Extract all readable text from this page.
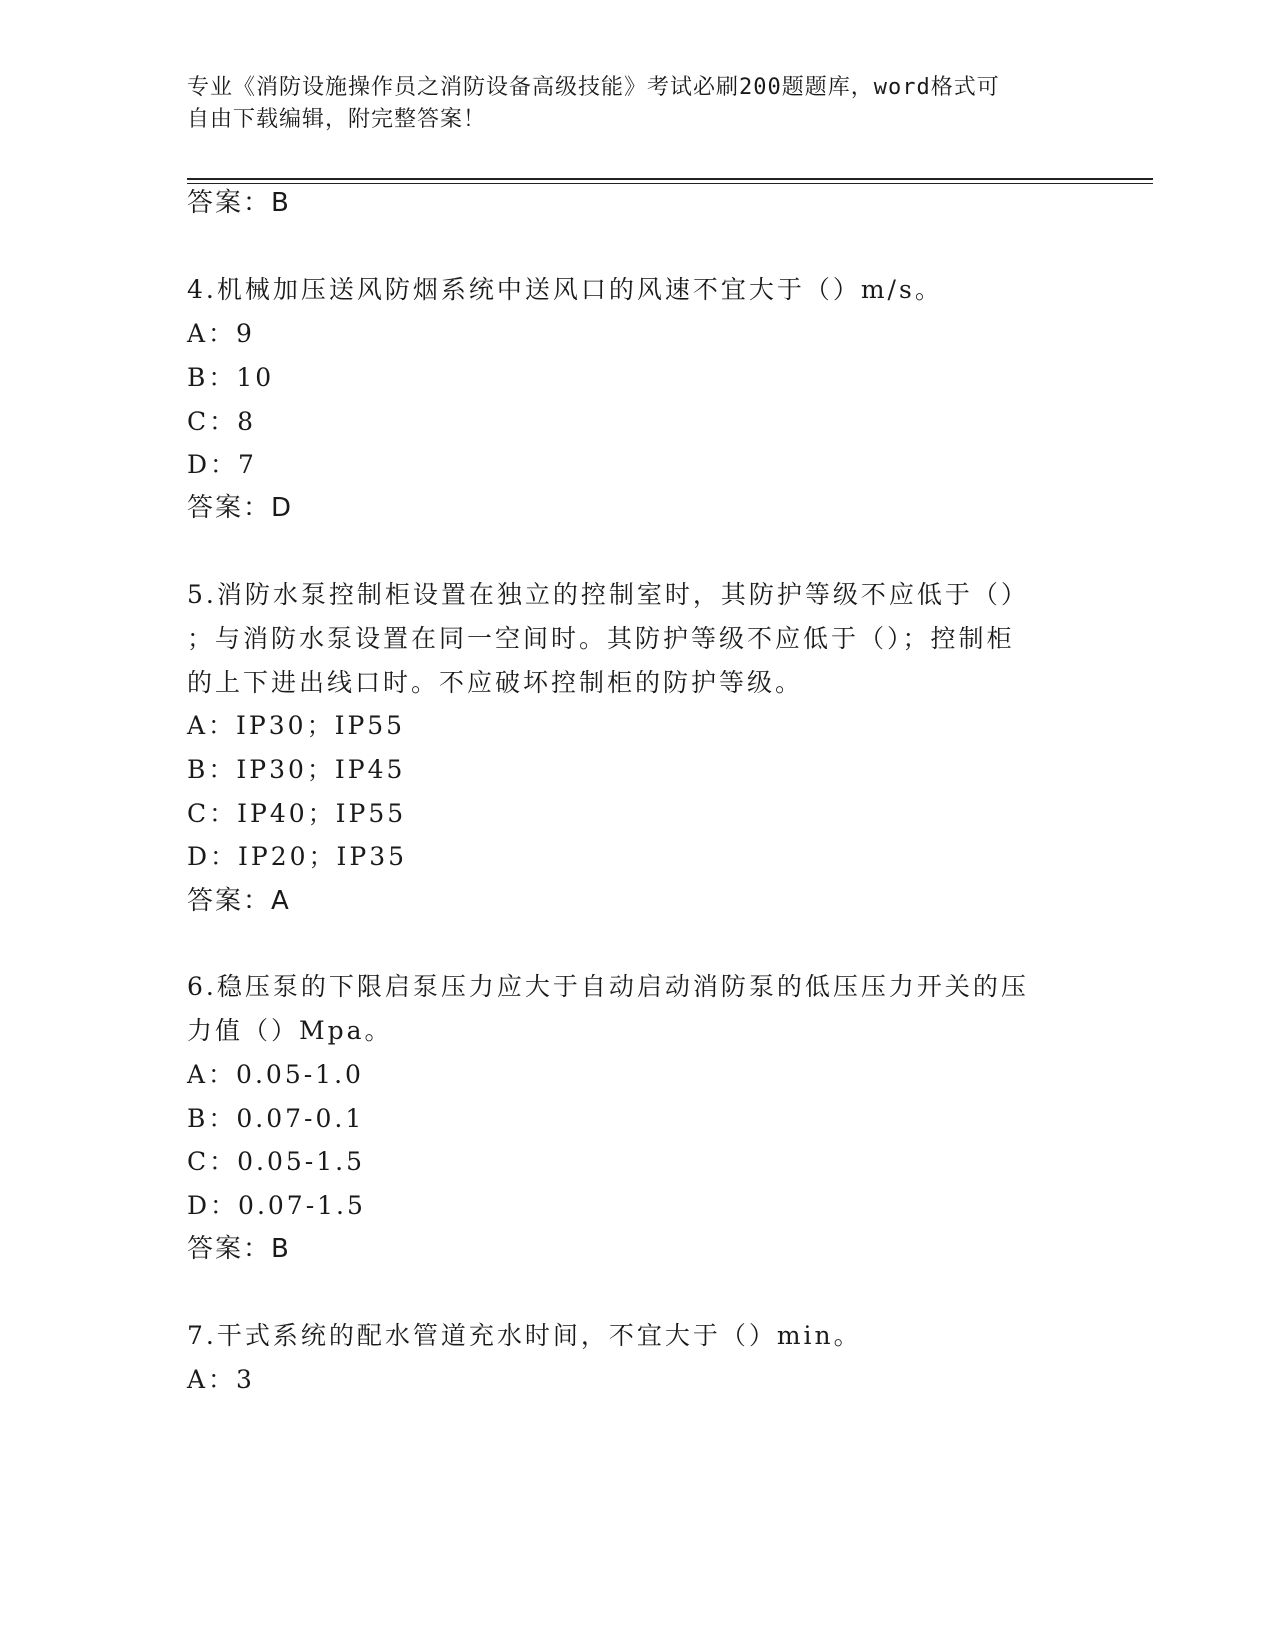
专业《消防设施操作员之消防设备高级技能》考试必刷200题题库，word格式可
自由下载编辑，附完整答案！
答案：B
4.机械加压送风防烟系统中送风口的风速不宜大于（）m/s。
A：9
B：10
C：8
D：7
答案：D
5.消防水泵控制柜设置在独立的控制室时，其防护等级不应低于（）
；与消防水泵设置在同一空间时。其防护等级不应低于（）；控制柜
的上下进出线口时。不应破坏控制柜的防护等级。
A：IP30；IP55
B：IP30；IP45
C：IP40；IP55
D：IP20；IP35
答案：A
6.稳压泵的下限启泵压力应大于自动启动消防泵的低压压力开关的压
力值（）Mpa。
A：0.05-1.0
B：0.07-0.1
C：0.05-1.5
D：0.07-1.5
答案：B
7.干式系统的配水管道充水时间，不宜大于（）min。
A：3
